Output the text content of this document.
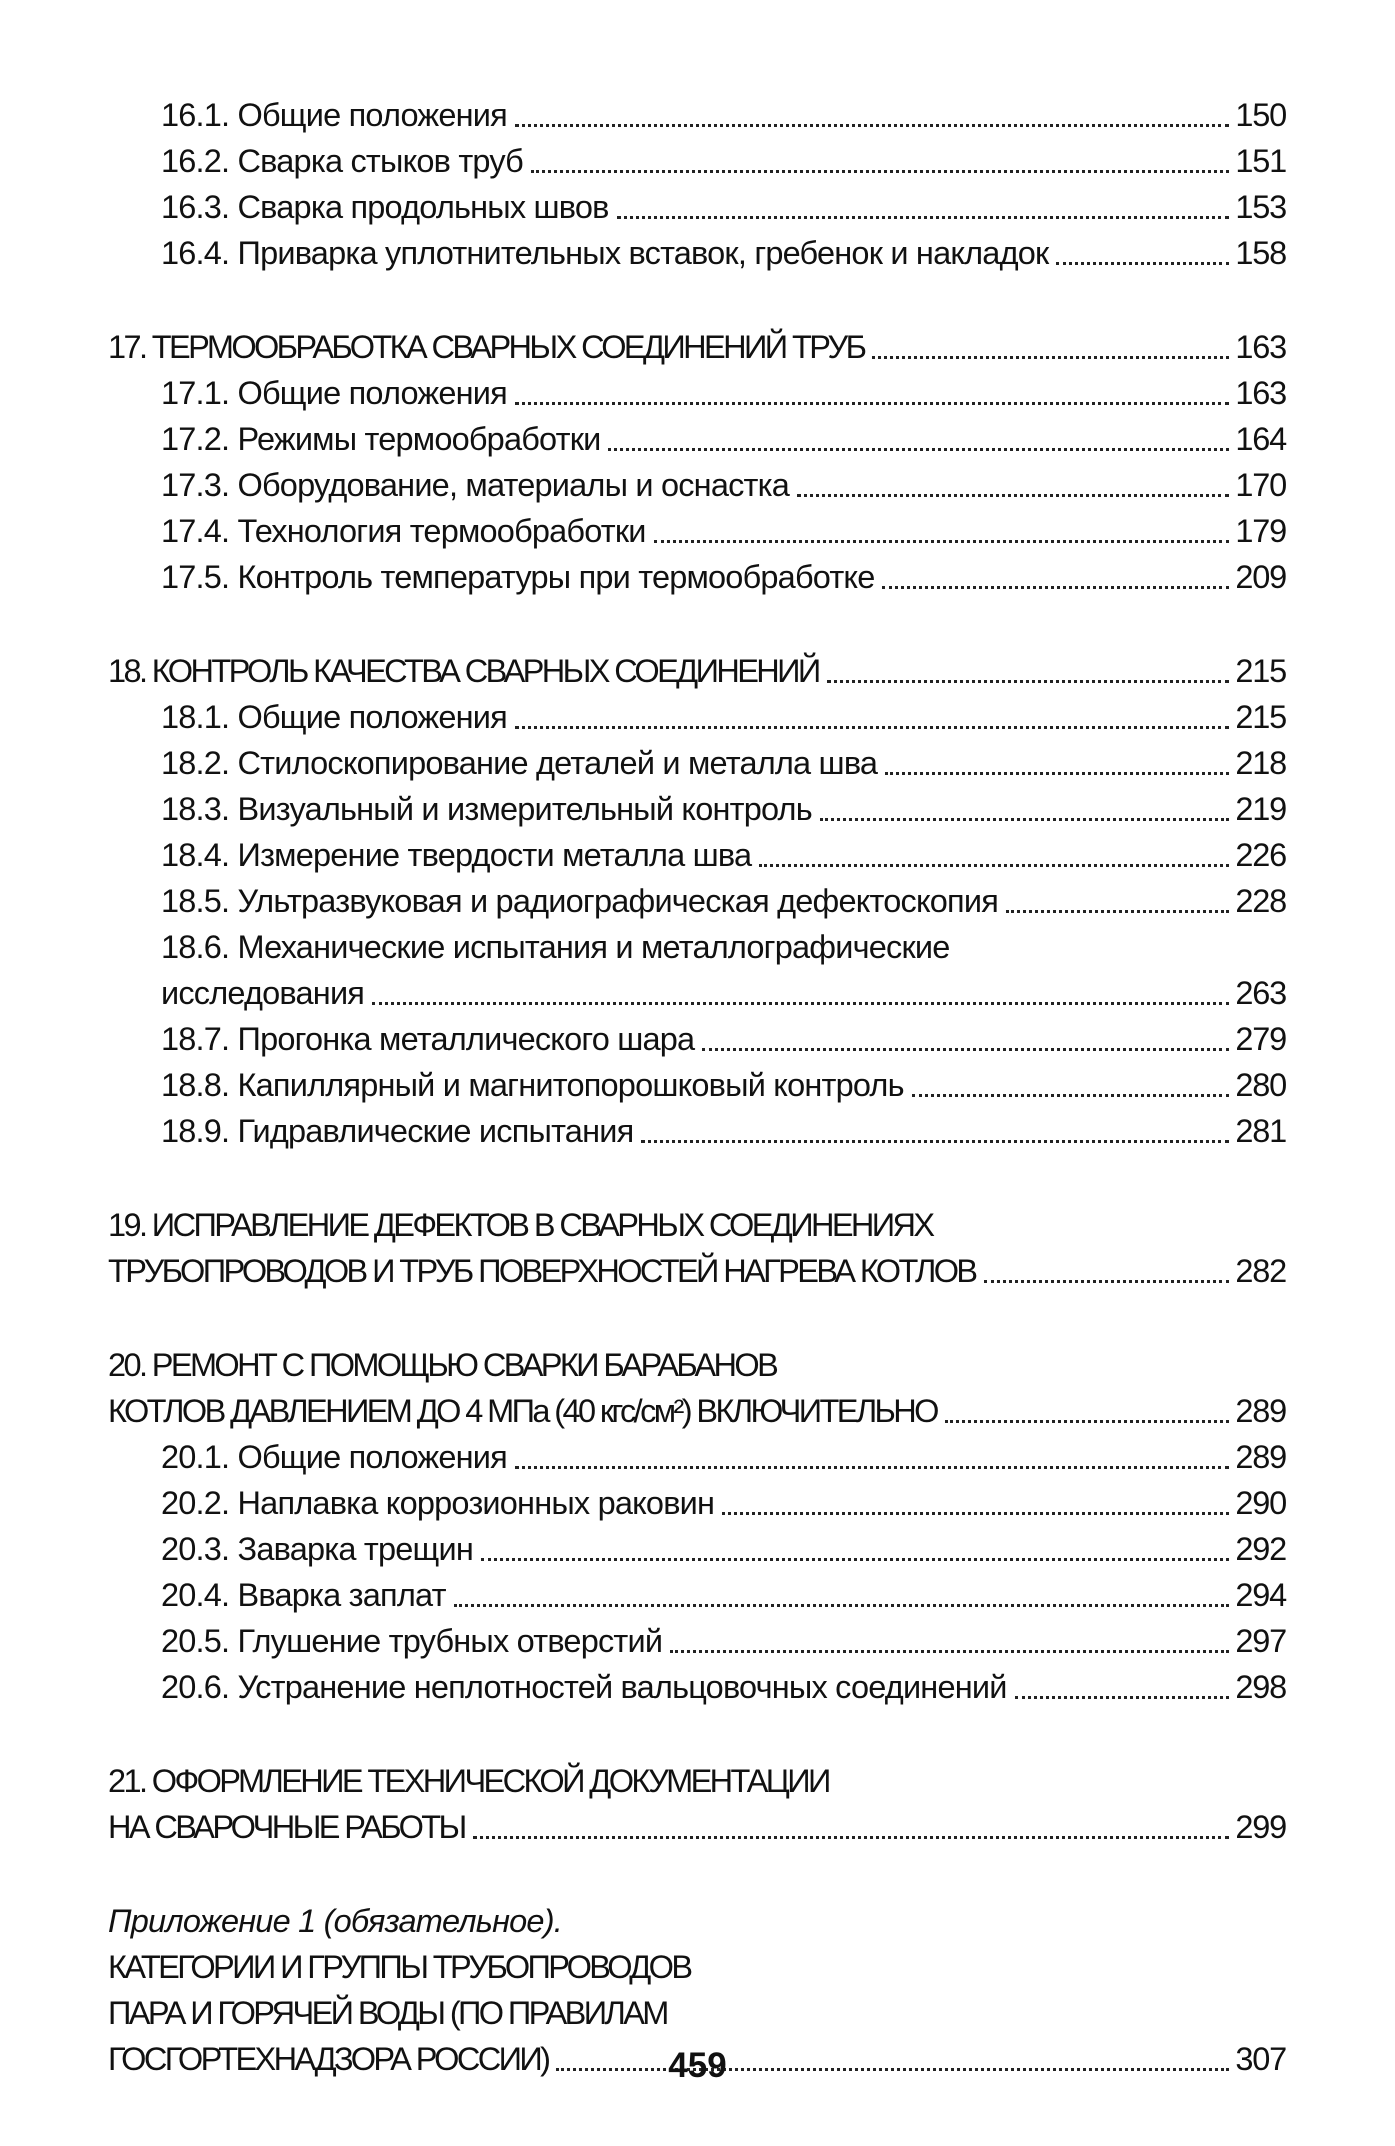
16.1. Общие положения	150
16.2. Сварка стыков труб	151
16.3. Сварка продольных швов	153
16.4. Приварка уплотнительных вставок, гребенок и накладок	158
17. ТЕРМООБРАБОТКА СВАРНЫХ СОЕДИНЕНИЙ ТРУБ	163
17.1. Общие положения	163
17.2. Режимы термообработки	164
17.3. Оборудование, материалы и оснастка	170
17.4. Технология термообработки	179
17.5. Контроль температуры при термообработке	209
18. КОНТРОЛЬ КАЧЕСТВА СВАРНЫХ СОЕДИНЕНИЙ	215
18.1. Общие положения	215
18.2. Стилоскопирование деталей и металла шва	218
18.3. Визуальный и измерительный контроль	219
18.4. Измерение твердости металла шва	226
18.5. Ультразвуковая и радиографическая дефектоскопия	228
18.6. Механические испытания и металлографические
исследования	263
18.7. Прогонка металлического шара	279
18.8. Капиллярный и магнитопорошковый контроль	280
18.9. Гидравлические испытания	281
19. ИСПРАВЛЕНИЕ ДЕФЕКТОВ В СВАРНЫХ СОЕДИНЕНИЯХ
ТРУБОПРОВОДОВ И ТРУБ ПОВЕРХНОСТЕЙ НАГРЕВА КОТЛОВ	282
20. РЕМОНТ С ПОМОЩЬЮ СВАРКИ БАРАБАНОВ
КОТЛОВ ДАВЛЕНИЕМ ДО 4 МПа (40 кгс/см²) ВКЛЮЧИТЕЛЬНО	289
20.1. Общие положения	289
20.2. Наплавка коррозионных раковин	290
20.3. Заварка трещин	292
20.4. Вварка заплат	294
20.5. Глушение трубных отверстий	297
20.6. Устранение неплотностей вальцовочных соединений	298
21. ОФОРМЛЕНИЕ ТЕХНИЧЕСКОЙ ДОКУМЕНТАЦИИ
НА СВАРОЧНЫЕ РАБОТЫ	299
Приложение 1 (обязательное).
КАТЕГОРИИ И ГРУППЫ ТРУБОПРОВОДОВ
ПАРА И ГОРЯЧЕЙ ВОДЫ (ПО ПРАВИЛАМ
ГОСГОРТЕХНАДЗОРА РОССИИ)	307
459
